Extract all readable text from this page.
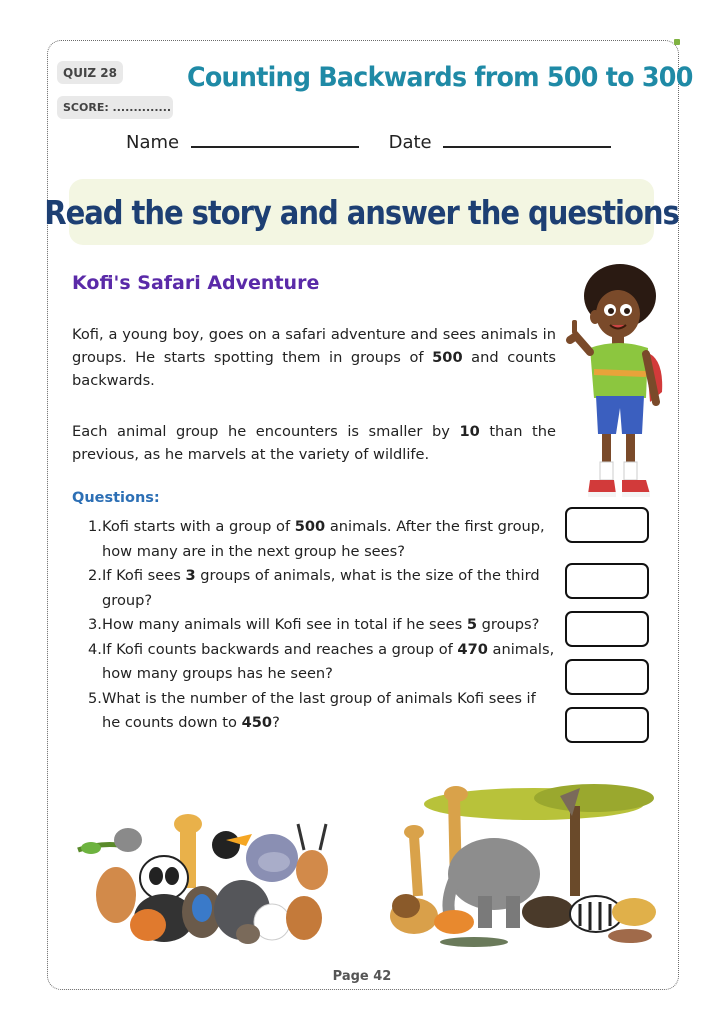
QUIZ 28
SCORE: ..............
Counting Backwards from 500 to 300
Name	Date
Read the story and answer the questions
Kofi's Safari Adventure
Kofi, a young boy, goes on a safari adventure and sees animals in groups. He starts spotting them in groups of 500 and counts backwards.
Each animal group he encounters is smaller by 10 than the previous, as he marvels at the variety of wildlife.
Questions:
1. Kofi starts with a group of 500 animals. After the first group, how many are in the next group he sees?
2. If Kofi sees 3 groups of animals, what is the size of the third group?
3. How many animals will Kofi see in total if he sees 5 groups?
4. If Kofi counts backwards and reaches a group of 470 animals, how many groups has he seen?
5. What is the number of the last group of animals Kofi sees if he counts down to 450?
Page 42
